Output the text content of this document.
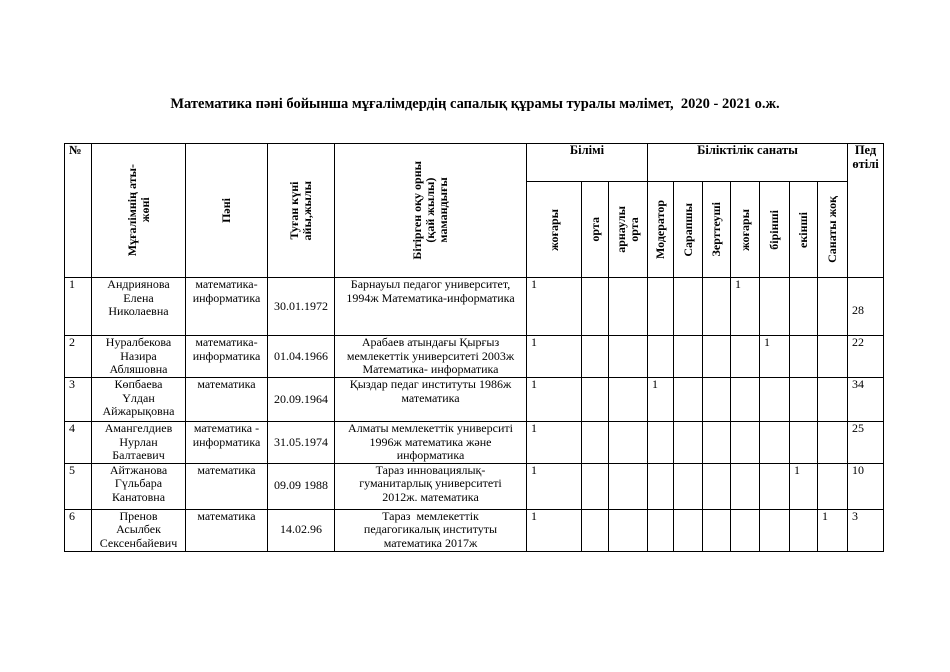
Математика пәні бойынша мұғалімдердің сапалық құрамы туралы мәлімет,  2020 - 2021 о.ж.
№	Мұғалімнің аты-
жөні	Пәні	Туған күні
айы,жылы	Бітірген оқу орны
(қай жылы)
мамандығы	Білімі			Біліктілік санаты							Пед
өтілі

					жоғары	орта	арнаулы
орта	Модератор	Сарапшы	Зерттеуші	жоғары	бірінші	екінші	Санаты жоқ	

1	Андриянова
Елена
Николаевна	математика-
информатика	30.01.1972	Барнауыл педагог университет,
1994ж Математика-информатика	1						1				28
2	Нуралбекова
Назира
Абляшовна	математика-
информатика	01.04.1966	Арабаев атындағы Қырғыз
мемлекеттік университеті 2003ж
Математика- информатика	1							1			22
3	Көпбаева
Үлдан
Айжарықовна	математика	20.09.1964	Қыздар педаг институты 1986ж
математика	1			1							34
4	Амангелдиев
Нурлан
Балтаевич	математика -
информатика	31.05.1974	Алматы мемлекеттік университі
1996ж математика және
информатика	1										25
5	Айтжанова
Гүльбара
Канатовна	математика	09.09 1988	Тараз инновациялық-
гуманитарлық университеті
2012ж. математика	1								1		10
6	Пренов
Асылбек
Сексенбайевич	математика	14.02.96	Тараз  мемлекеттік
педагогикалық институты
математика 2017ж	1									1	3
